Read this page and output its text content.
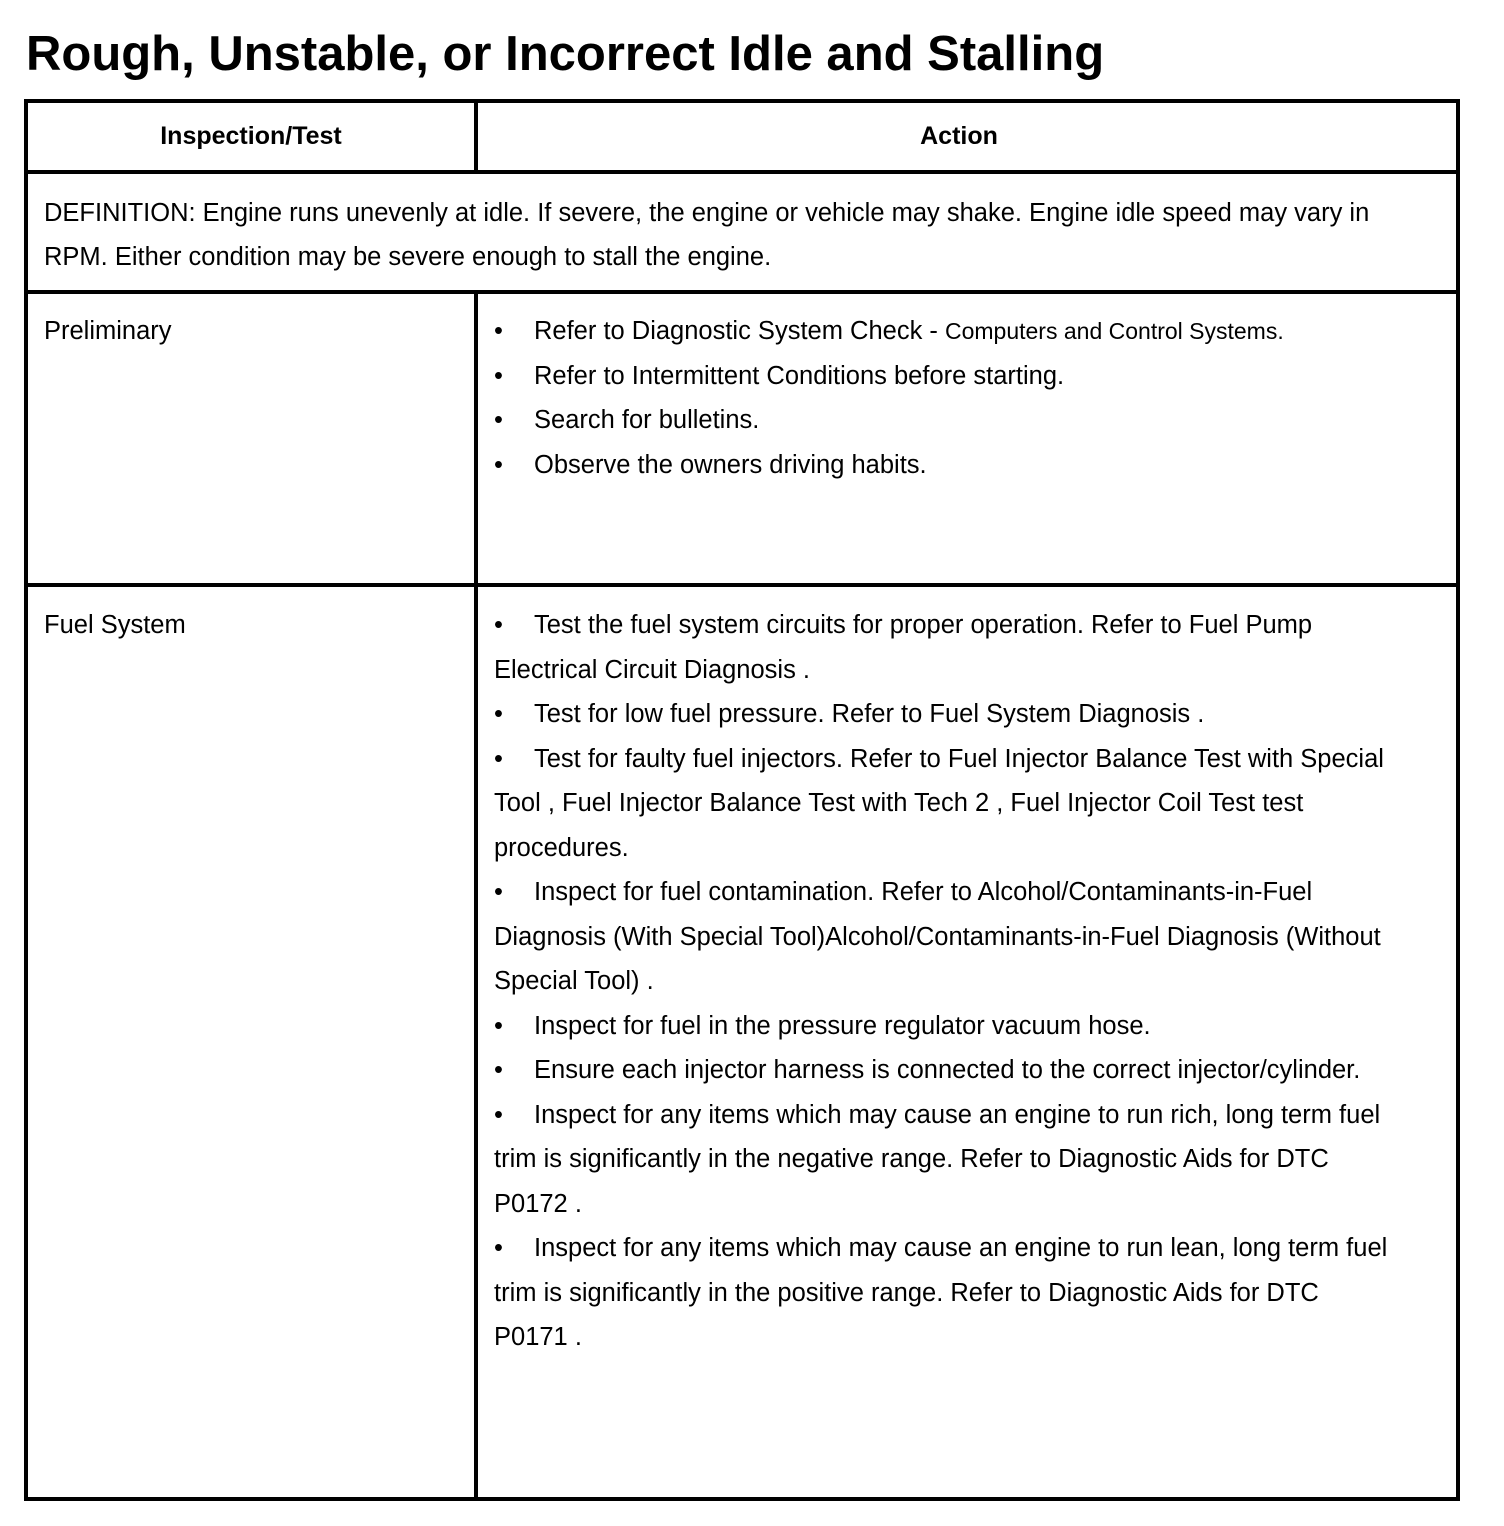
Rough, Unstable, or Incorrect Idle and Stalling
Inspection/Test	Action
DEFINITION: Engine runs unevenly at idle. If severe, the engine or vehicle may shake. Engine idle speed may vary in RPM. Either condition may be severe enough to stall the engine.
Preliminary	• Refer to Diagnostic System Check - Computers and Control Systems.
• Refer to Intermittent Conditions before starting.
• Search for bulletins.
• Observe the owners driving habits.
Fuel System	• Test the fuel system circuits for proper operation. Refer to Fuel Pump Electrical Circuit Diagnosis .
• Test for low fuel pressure. Refer to Fuel System Diagnosis .
• Test for faulty fuel injectors. Refer to Fuel Injector Balance Test with Special Tool , Fuel Injector Balance Test with Tech 2 , Fuel Injector Coil Test test procedures.
• Inspect for fuel contamination. Refer to Alcohol/Contaminants-in-Fuel Diagnosis (With Special Tool)Alcohol/Contaminants-in-Fuel Diagnosis (Without Special Tool) .
• Inspect for fuel in the pressure regulator vacuum hose.
• Ensure each injector harness is connected to the correct injector/cylinder.
• Inspect for any items which may cause an engine to run rich, long term fuel trim is significantly in the negative range. Refer to Diagnostic Aids for DTC P0172 .
• Inspect for any items which may cause an engine to run lean, long term fuel trim is significantly in the positive range. Refer to Diagnostic Aids for DTC P0171 .
